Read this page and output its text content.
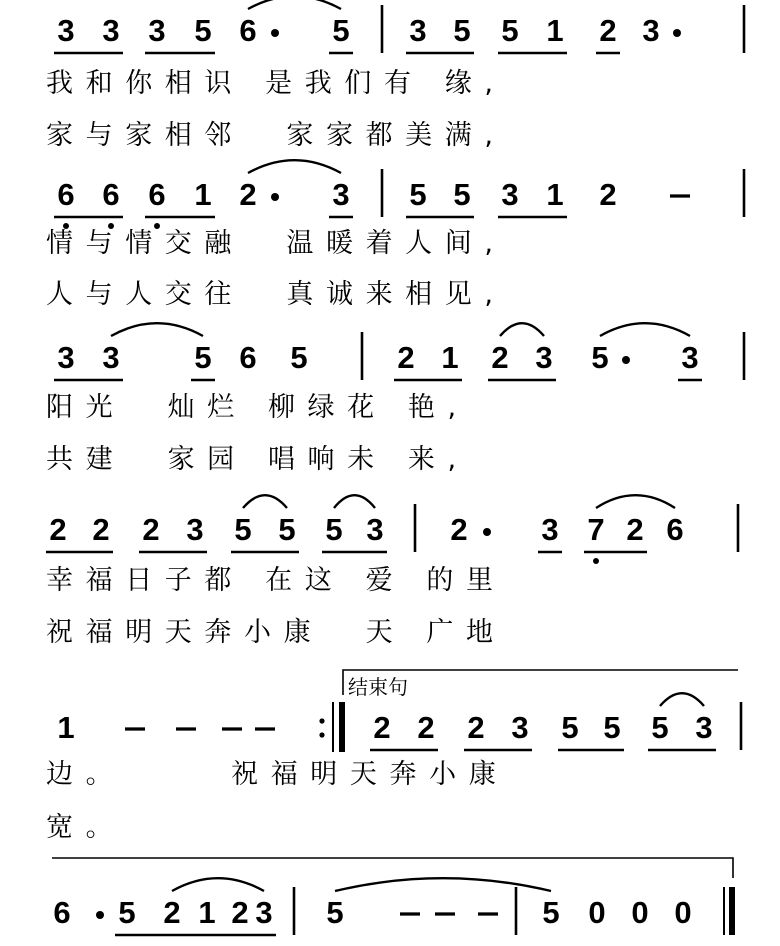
我和你相识 是我们有 缘,
家与家相邻  家家都美满,
情与情交融  温暖着人间,
人与人交往  真诚来相见,
阳光  灿烂 柳绿花 艳,
共建  家园 唱响未 来,
幸福日子都 在这 爱 的里
祝福明天奔小康  天 广地
边。     祝福明天奔小康
宽。
结束句
3 3 3 5 6 5 3 5 5 1 2 3
6 6 6 1 2 3 5 5 3 1 2
3 3 5 6 5	2 1 2 3 5 3
2 2 2 3 5 5 5 3 2 3 7 2 6
1	2 2 2 3 5 5 5 3
6 5 2 1 2 3 5	5 0 0 0
